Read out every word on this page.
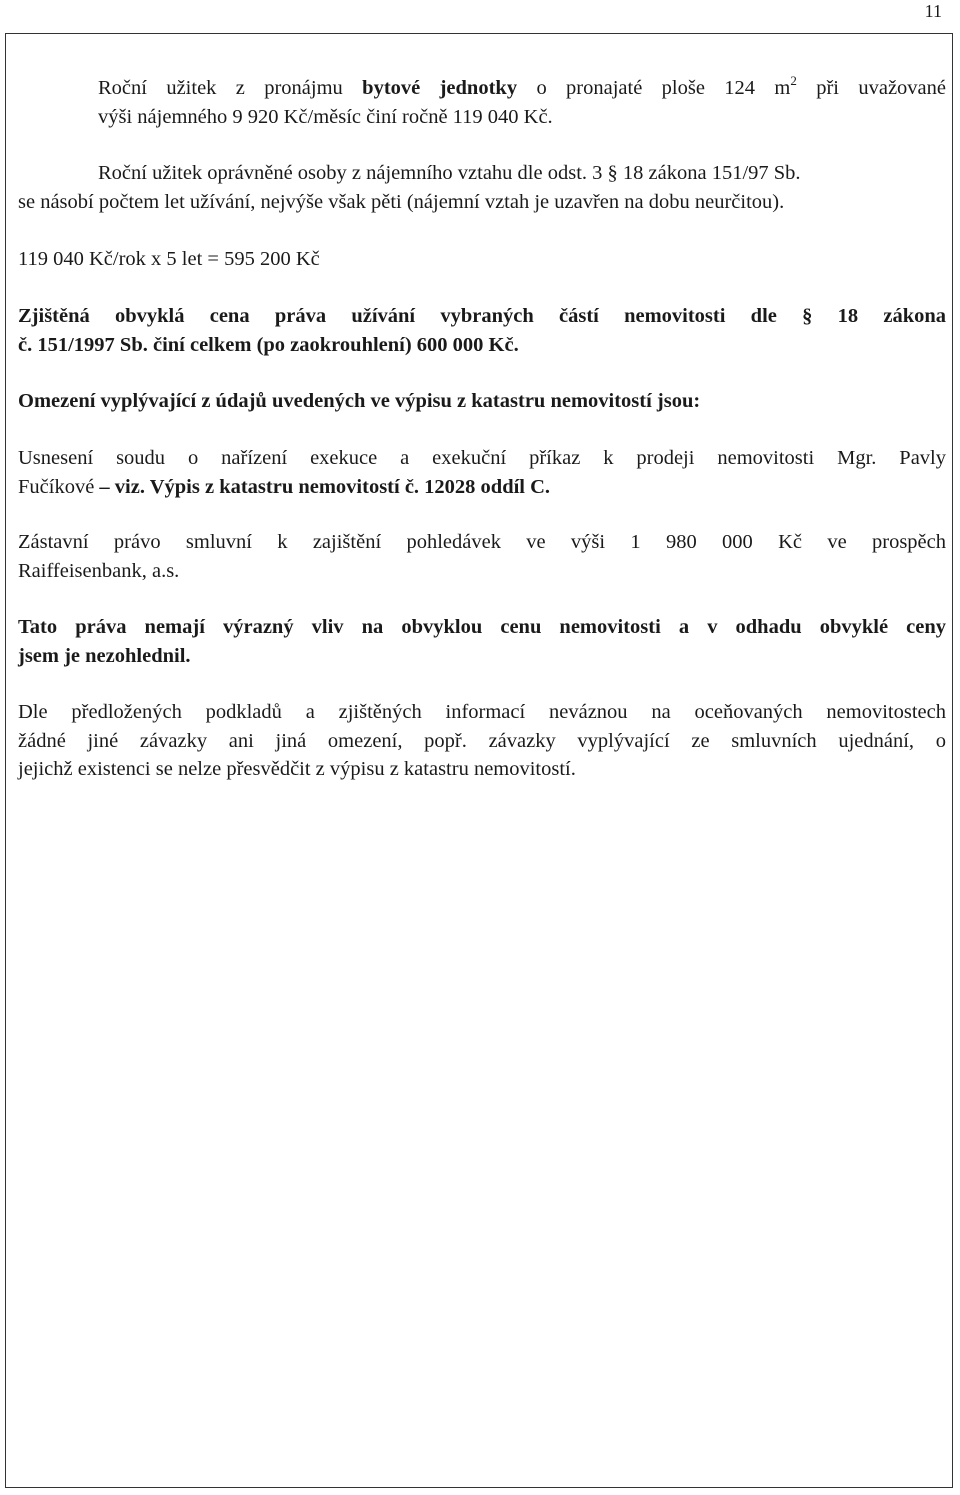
11
Roční užitek z pronájmu bytové jednotky o pronajaté ploše 124 $m^2$ při uvažované
výši nájemného 9 920 Kč/měsíc činí ročně 119 040 Kč.
Roční užitek oprávněné osoby z nájemního vztahu dle odst. 3 § 18 zákona 151/97 Sb.
se násobí počtem let užívání, nejvýše však pěti (nájemní vztah je uzavřen na dobu neurčitou).
119 040 Kč/rok x 5 let = 595 200 Kč
Zjištěná obvyklá cena práva užívání vybraných částí nemovitosti dle § 18 zákona
č. 151/1997 Sb. činí celkem (po zaokrouhlení) 600 000 Kč.
Omezení vyplývající z údajů uvedených ve výpisu z katastru nemovitostí jsou:
Usnesení soudu o nařízení exekuce a exekuční příkaz k prodeji nemovitosti Mgr. Pavly
Fučíkové – viz. Výpis z katastru nemovitostí č. 12028 oddíl C.
Zástavní právo smluvní k zajištění pohledávek ve výši 1 980 000 Kč ve prospěch
Raiffeisenbank, a.s.
Tato práva nemají výrazný vliv na obvyklou cenu nemovitosti a v odhadu obvyklé ceny
jsem je nezohlednil.
Dle předložených podkladů a zjištěných informací neváznou na oceňovaných nemovitostech
žádné jiné závazky ani jiná omezení, popř. závazky vyplývající ze smluvních ujednání, o
jejichž existenci se nelze přesvědčit z výpisu z katastru nemovitostí.
